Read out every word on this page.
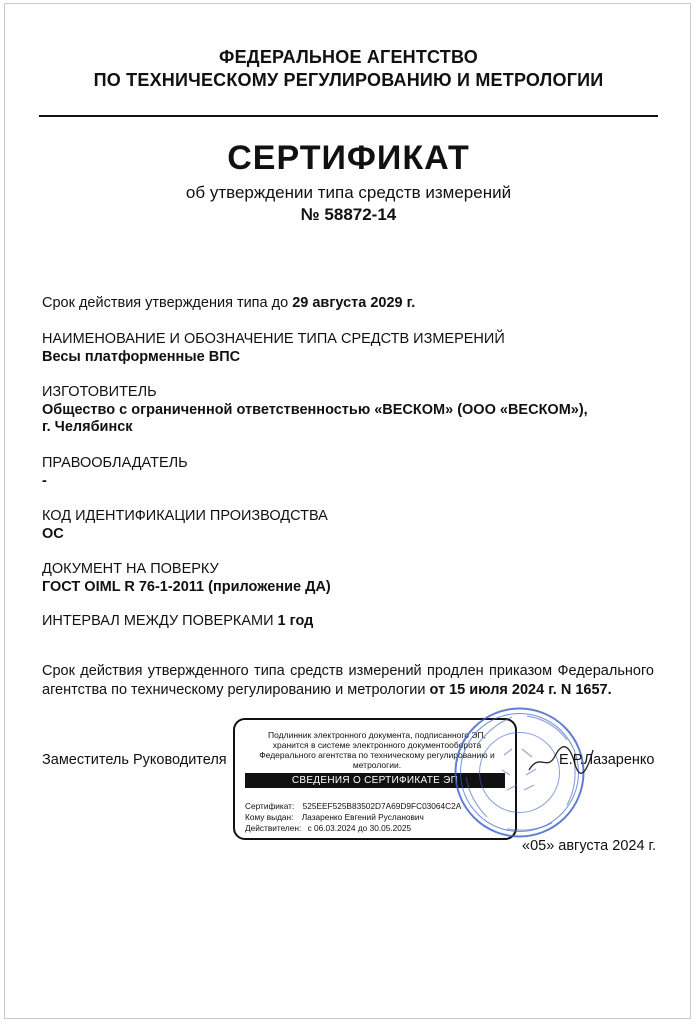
ФЕДЕРАЛЬНОЕ АГЕНТСТВО
ПО ТЕХНИЧЕСКОМУ РЕГУЛИРОВАНИЮ И МЕТРОЛОГИИ
СЕРТИФИКАТ
об утверждении типа средств измерений
№ 58872-14
Срок действия утверждения типа до 29 августа 2029 г.
НАИМЕНОВАНИЕ И ОБОЗНАЧЕНИЕ ТИПА СРЕДСТВ ИЗМЕРЕНИЙ
Весы платформенные ВПС
ИЗГОТОВИТЕЛЬ
Общество с ограниченной ответственностью «ВЕСКОМ» (ООО «ВЕСКОМ»),
г. Челябинск
ПРАВООБЛАДАТЕЛЬ
-
КОД ИДЕНТИФИКАЦИИ ПРОИЗВОДСТВА
ОС
ДОКУМЕНТ НА ПОВЕРКУ
ГОСТ OIML R 76-1-2011 (приложение ДА)
ИНТЕРВАЛ МЕЖДУ ПОВЕРКАМИ 1 год
Срок действия утвержденного типа средств измерений продлен приказом Федерального
агентства по техническому регулированию и метрологии от 15 июля 2024 г. N 1657.
Заместитель Руководителя
Подлинник электронного документа, подписанного ЭП,
хранится в системе электронного документооборота
Федерального агентства по техническому регулированию и
метрологии.
СВЕДЕНИЯ О СЕРТИФИКАТЕ ЭП
Сертификат: 525EEF525B83502D7A69D9FC03064C2A
Кому выдан: Лазаренко Евгений Русланович
Действителен: с 06.03.2024 до 30.05.2025
Е.Р.Лазаренко
«05» августа 2024 г.
